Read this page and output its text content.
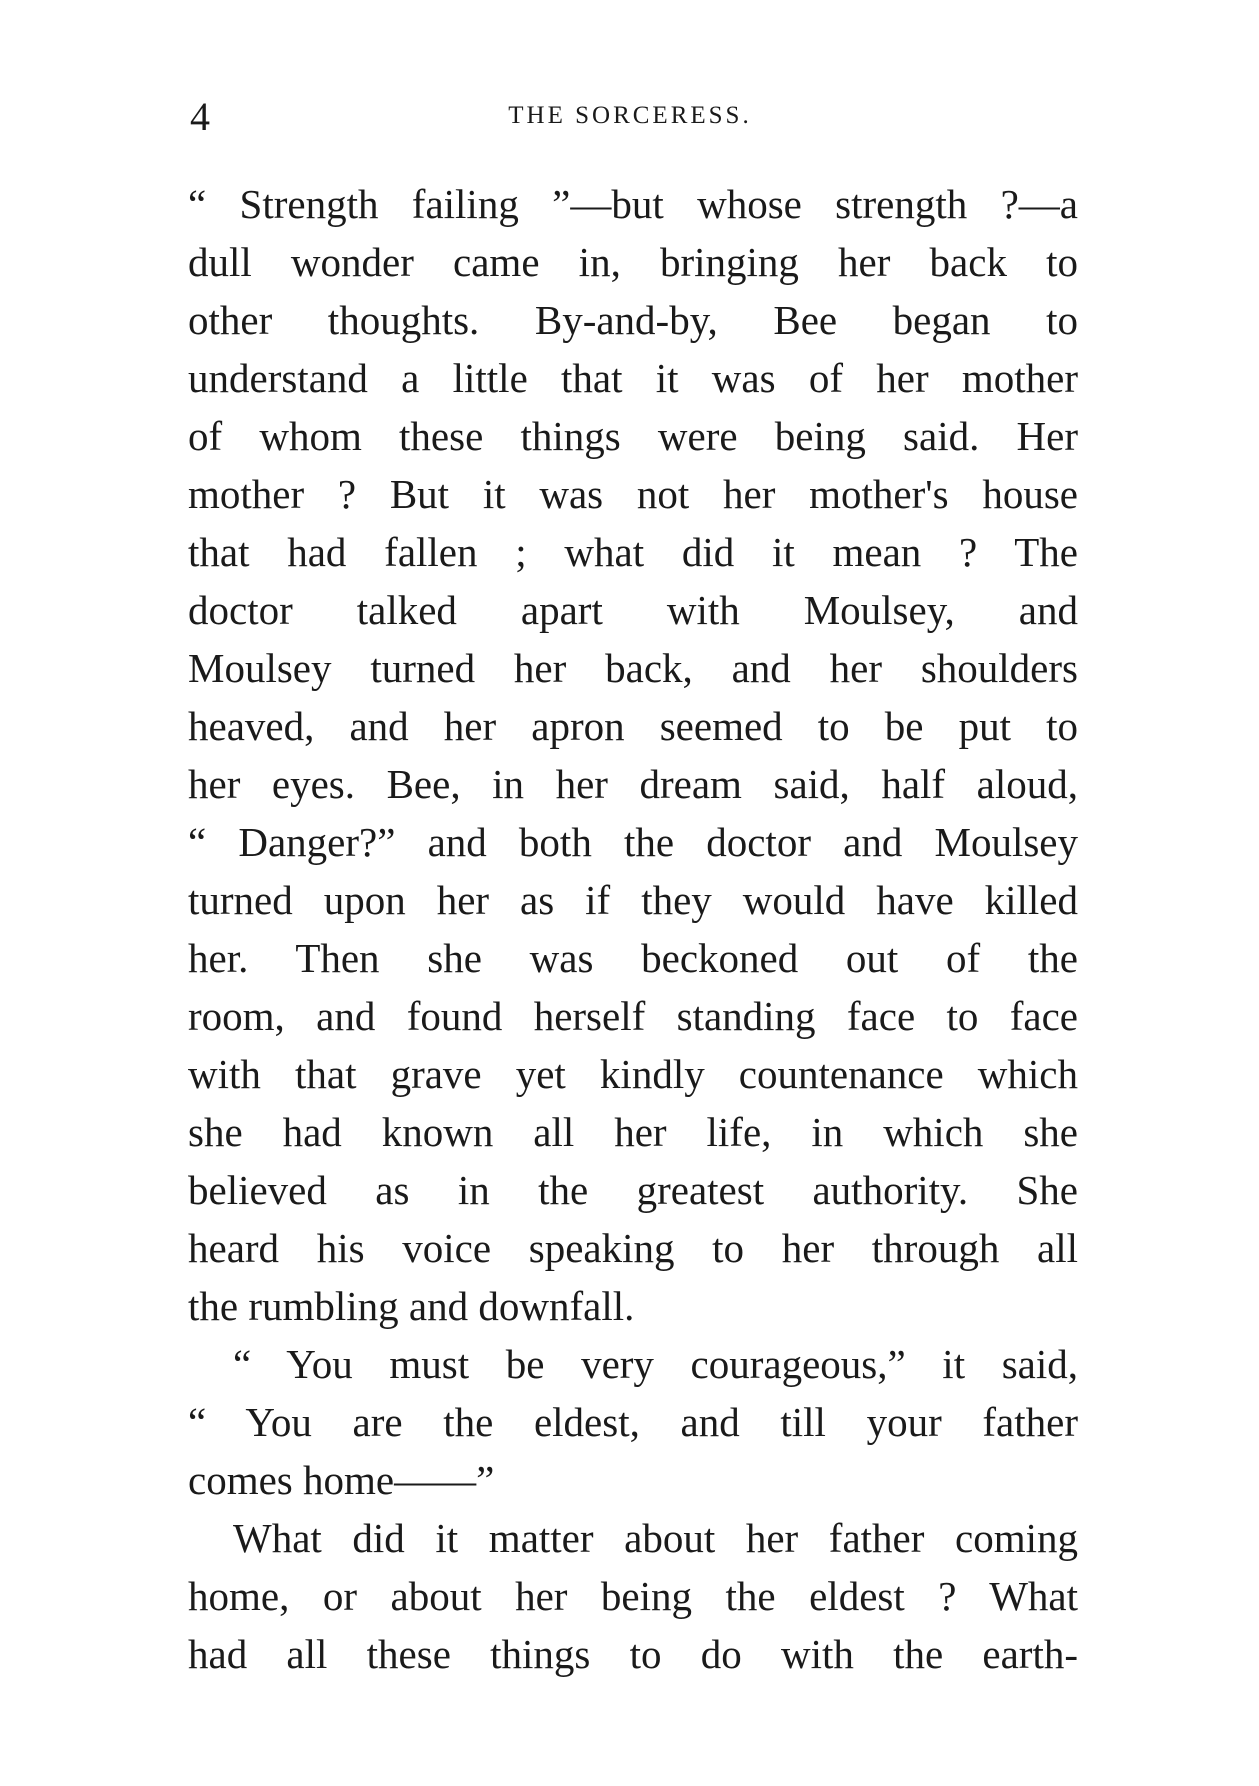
4	THE SORCERESS.
“ Strength failing ”—but whose strength ?—a
dull wonder came in, bringing her back to
other thoughts. By-and-by, Bee began to
understand a little that it was of her mother
of whom these things were being said. Her
mother ? But it was not her mother's house
that had fallen ; what did it mean ? The
doctor talked apart with Moulsey, and
Moulsey turned her back, and her shoulders
heaved, and her apron seemed to be put to
her eyes. Bee, in her dream said, half aloud,
“ Danger?” and both the doctor and Moulsey
turned upon her as if they would have killed
her. Then she was beckoned out of the
room, and found herself standing face to face
with that grave yet kindly countenance which
she had known all her life, in which she
believed as in the greatest authority. She
heard his voice speaking to her through all
the rumbling and downfall.
“ You must be very courageous,” it said,
“ You are the eldest, and till your father
comes home——”
What did it matter about her father coming
home, or about her being the eldest ? What
had all these things to do with the earth-
